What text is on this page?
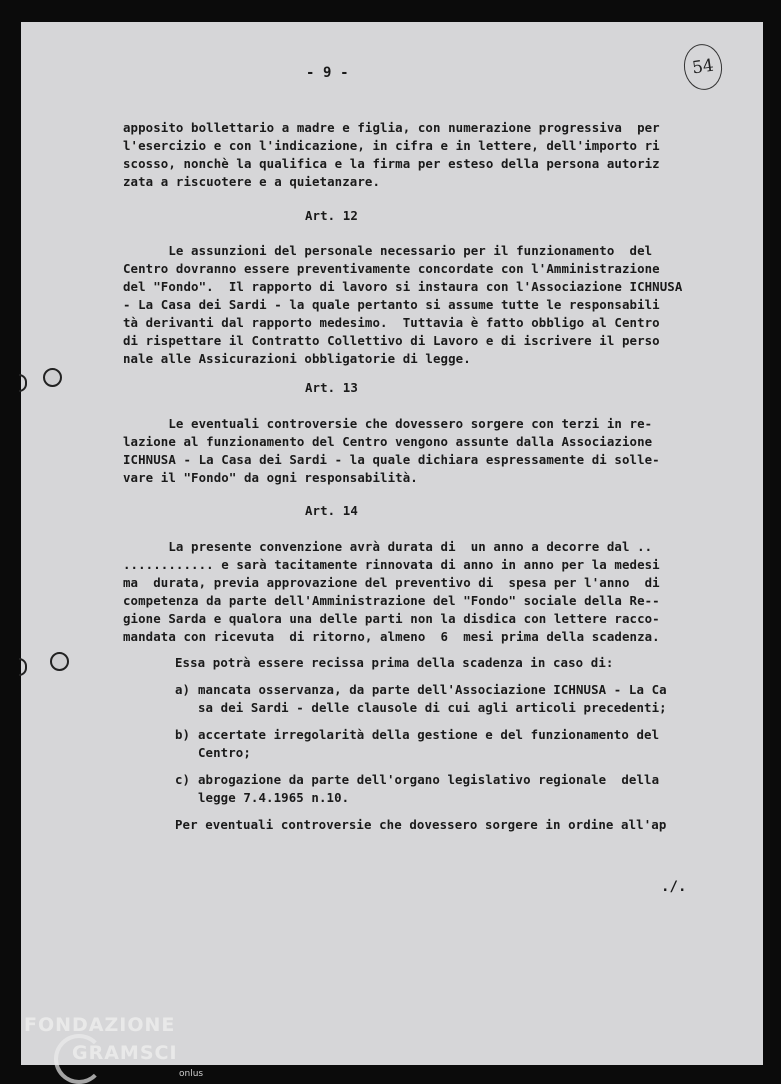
- 9 -	54
apposito bollettario a madre e figlia, con numerazione progressiva  per
l'esercizio e con l'indicazione, in cifra e in lettere, dell'importo ri
scosso, nonchè la qualifica e la firma per esteso della persona autoriz
zata a riscuotere e a quietanzare.
Art. 12
Le assunzioni del personale necessario per il funzionamento  del
Centro dovranno essere preventivamente concordate con l'Amministrazione
del "Fondo".  Il rapporto di lavoro si instaura con l'Associazione ICHNUSA
- La Casa dei Sardi - la quale pertanto si assume tutte le responsabili
tà derivanti dal rapporto medesimo.  Tuttavia è fatto obbligo al Centro
di rispettare il Contratto Collettivo di Lavoro e di iscrivere il perso
nale alle Assicurazioni obbligatorie di legge.
Art. 13
Le eventuali controversie che dovessero sorgere con terzi in re-
lazione al funzionamento del Centro vengono assunte dalla Associazione
ICHNUSA - La Casa dei Sardi - la quale dichiara espressamente di solle-
vare il "Fondo" da ogni responsabilità.
Art. 14
La presente convenzione avrà durata di  un anno a decorre dal ..
............ e sarà tacitamente rinnovata di anno in anno per la medesi
ma  durata, previa approvazione del preventivo di  spesa per l'anno  di
competenza da parte dell'Amministrazione del "Fondo" sociale della Re--
gione Sarda e qualora una delle parti non la disdica con lettere racco-
mandata con ricevuta  di ritorno, almeno  6  mesi prima della scadenza.
Essa potrà essere recissa prima della scadenza in caso di:
a) mancata osservanza, da parte dell'Associazione ICHNUSA - La Ca
sa dei Sardi - delle clausole di cui agli articoli precedenti;
b) accertate irregolarità della gestione e del funzionamento del
Centro;
c) abrogazione da parte dell'organo legislativo regionale  della
legge 7.4.1965 n.10.
Per eventuali controversie che dovessero sorgere in ordine all'ap
./.
FONDAZIONE
GRAMSCI
onlus
